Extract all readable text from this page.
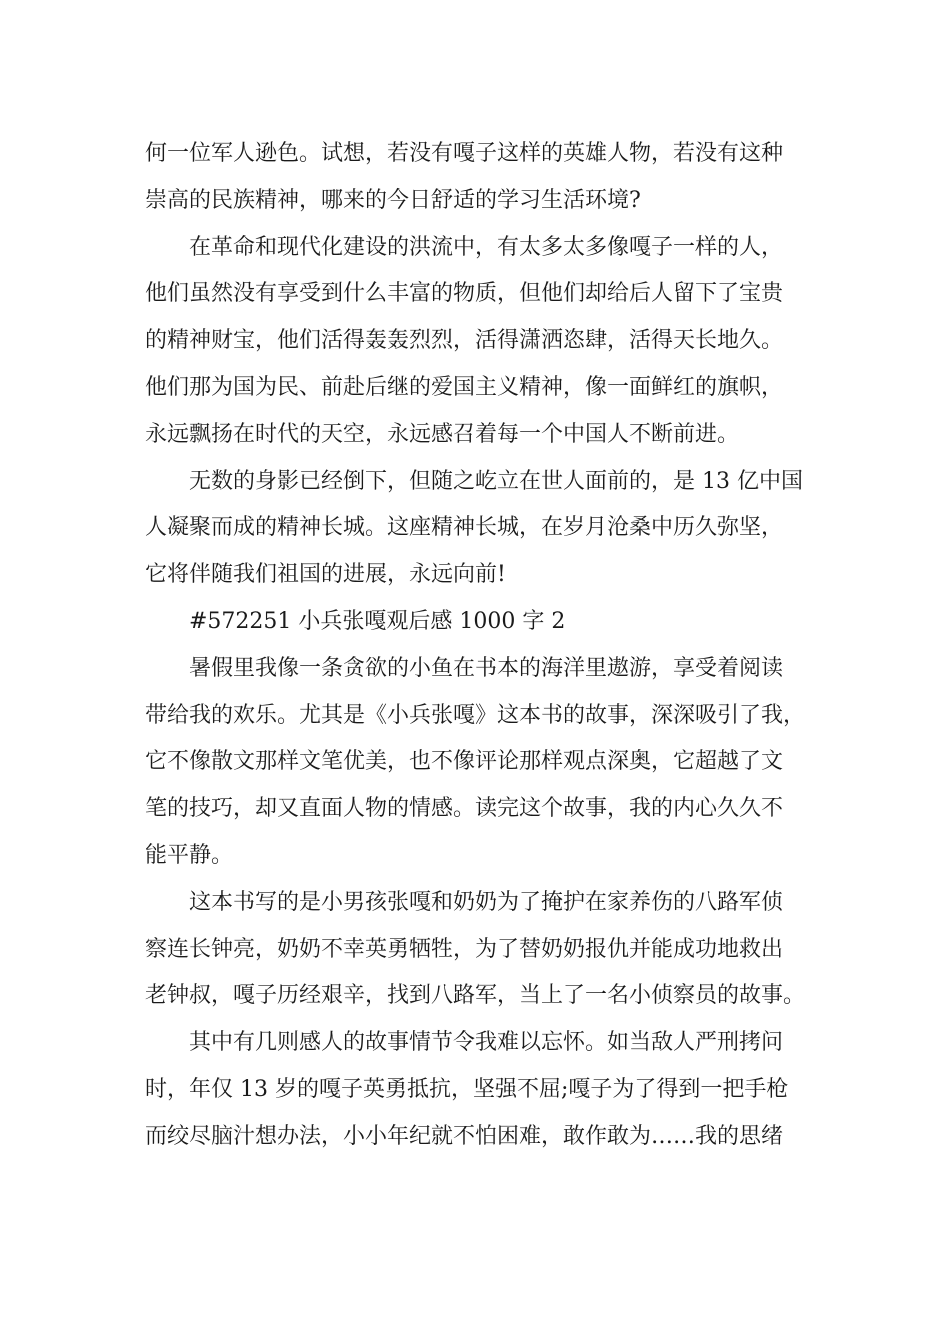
何一位军人逊色。试想，若没有嘎子这样的英雄人物，若没有这种
崇高的民族精神，哪来的今日舒适的学习生活环境?
在革命和现代化建设的洪流中，有太多太多像嘎子一样的人，
他们虽然没有享受到什么丰富的物质，但他们却给后人留下了宝贵
的精神财宝，他们活得轰轰烈烈，活得潇洒恣肆，活得天长地久。
他们那为国为民、前赴后继的爱国主义精神，像一面鲜红的旗帜，
永远飘扬在时代的天空，永远感召着每一个中国人不断前进。
无数的身影已经倒下，但随之屹立在世人面前的，是 13 亿中国
人凝聚而成的精神长城。这座精神长城，在岁月沧桑中历久弥坚，
它将伴随我们祖国的进展，永远向前!
#572251 小兵张嘎观后感 1000 字 2
暑假里我像一条贪欲的小鱼在书本的海洋里遨游，享受着阅读
带给我的欢乐。尤其是《小兵张嘎》这本书的故事，深深吸引了我，
它不像散文那样文笔优美，也不像评论那样观点深奥，它超越了文
笔的技巧，却又直面人物的情感。读完这个故事，我的内心久久不
能平静。
这本书写的是小男孩张嘎和奶奶为了掩护在家养伤的八路军侦
察连长钟亮，奶奶不幸英勇牺牲，为了替奶奶报仇并能成功地救出
老钟叔，嘎子历经艰辛，找到八路军，当上了一名小侦察员的故事。
其中有几则感人的故事情节令我难以忘怀。如当敌人严刑拷问
时，年仅 13 岁的嘎子英勇抵抗，坚强不屈;嘎子为了得到一把手枪
而绞尽脑汁想办法，小小年纪就不怕困难，敢作敢为……我的思绪
